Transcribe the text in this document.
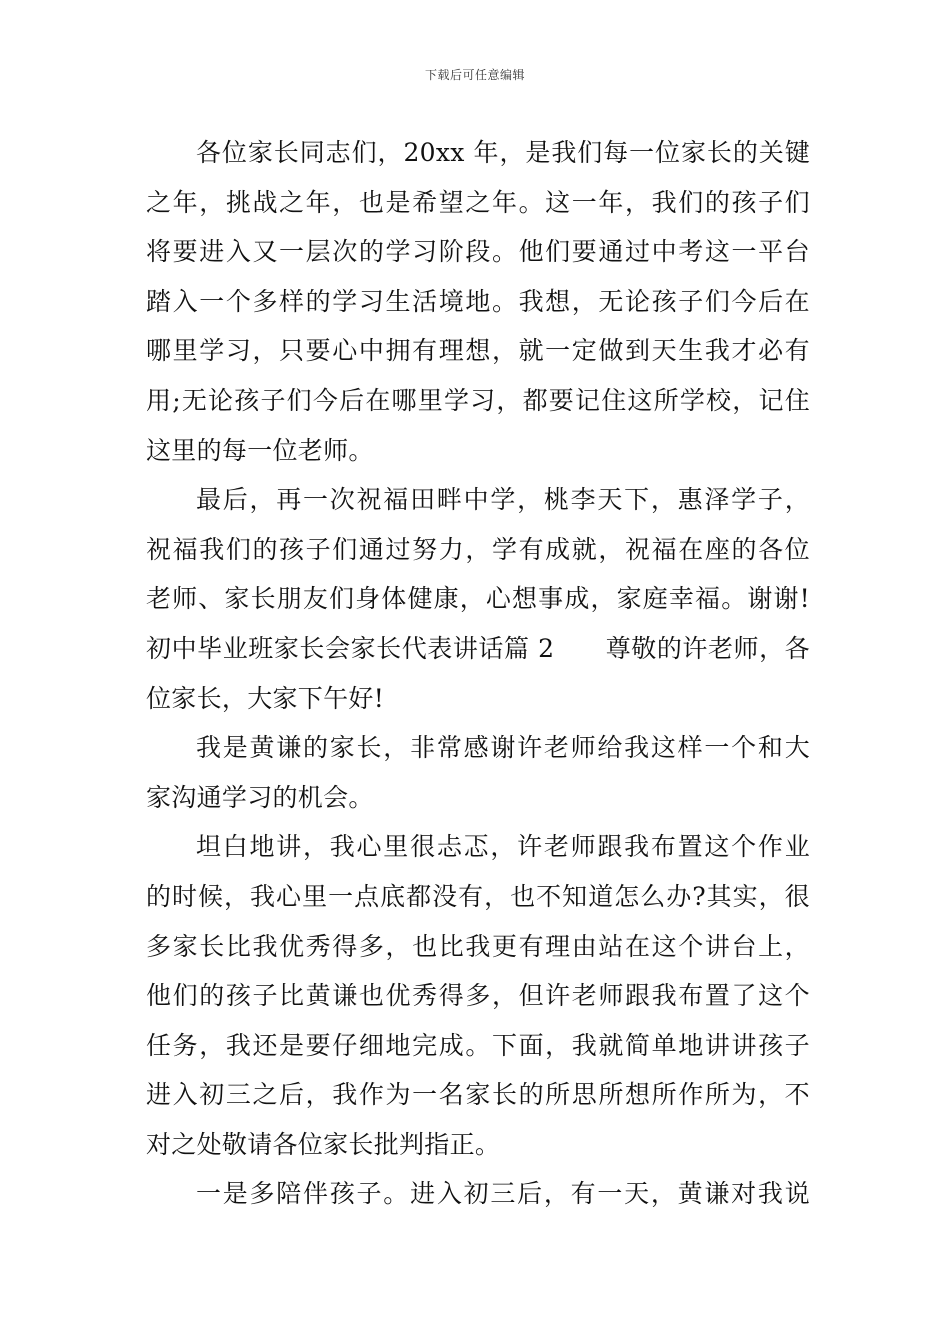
下载后可任意编辑
各位家长同志们，20xx 年，是我们每一位家长的关键
之年，挑战之年，也是希望之年。这一年，我们的孩子们
将要进入又一层次的学习阶段。他们要通过中考这一平台
踏入一个多样的学习生活境地。我想，无论孩子们今后在
哪里学习，只要心中拥有理想，就一定做到天生我才必有
用;无论孩子们今后在哪里学习，都要记住这所学校，记住
这里的每一位老师。
最后，再一次祝福田畔中学，桃李天下，惠泽学子，
祝福我们的孩子们通过努力，学有成就，祝福在座的各位
老师、家长朋友们身体健康，心想事成，家庭幸福。谢谢!
初中毕业班家长会家长代表讲话篇 2　　尊敬的许老师，各
位家长，大家下午好!
我是黄谦的家长，非常感谢许老师给我这样一个和大
家沟通学习的机会。
坦白地讲，我心里很忐忑，许老师跟我布置这个作业
的时候，我心里一点底都没有，也不知道怎么办?其实，很
多家长比我优秀得多，也比我更有理由站在这个讲台上，
他们的孩子比黄谦也优秀得多，但许老师跟我布置了这个
任务，我还是要仔细地完成。下面，我就简单地讲讲孩子
进入初三之后，我作为一名家长的所思所想所作所为，不
对之处敬请各位家长批判指正。
一是多陪伴孩子。进入初三后，有一天，黄谦对我说
